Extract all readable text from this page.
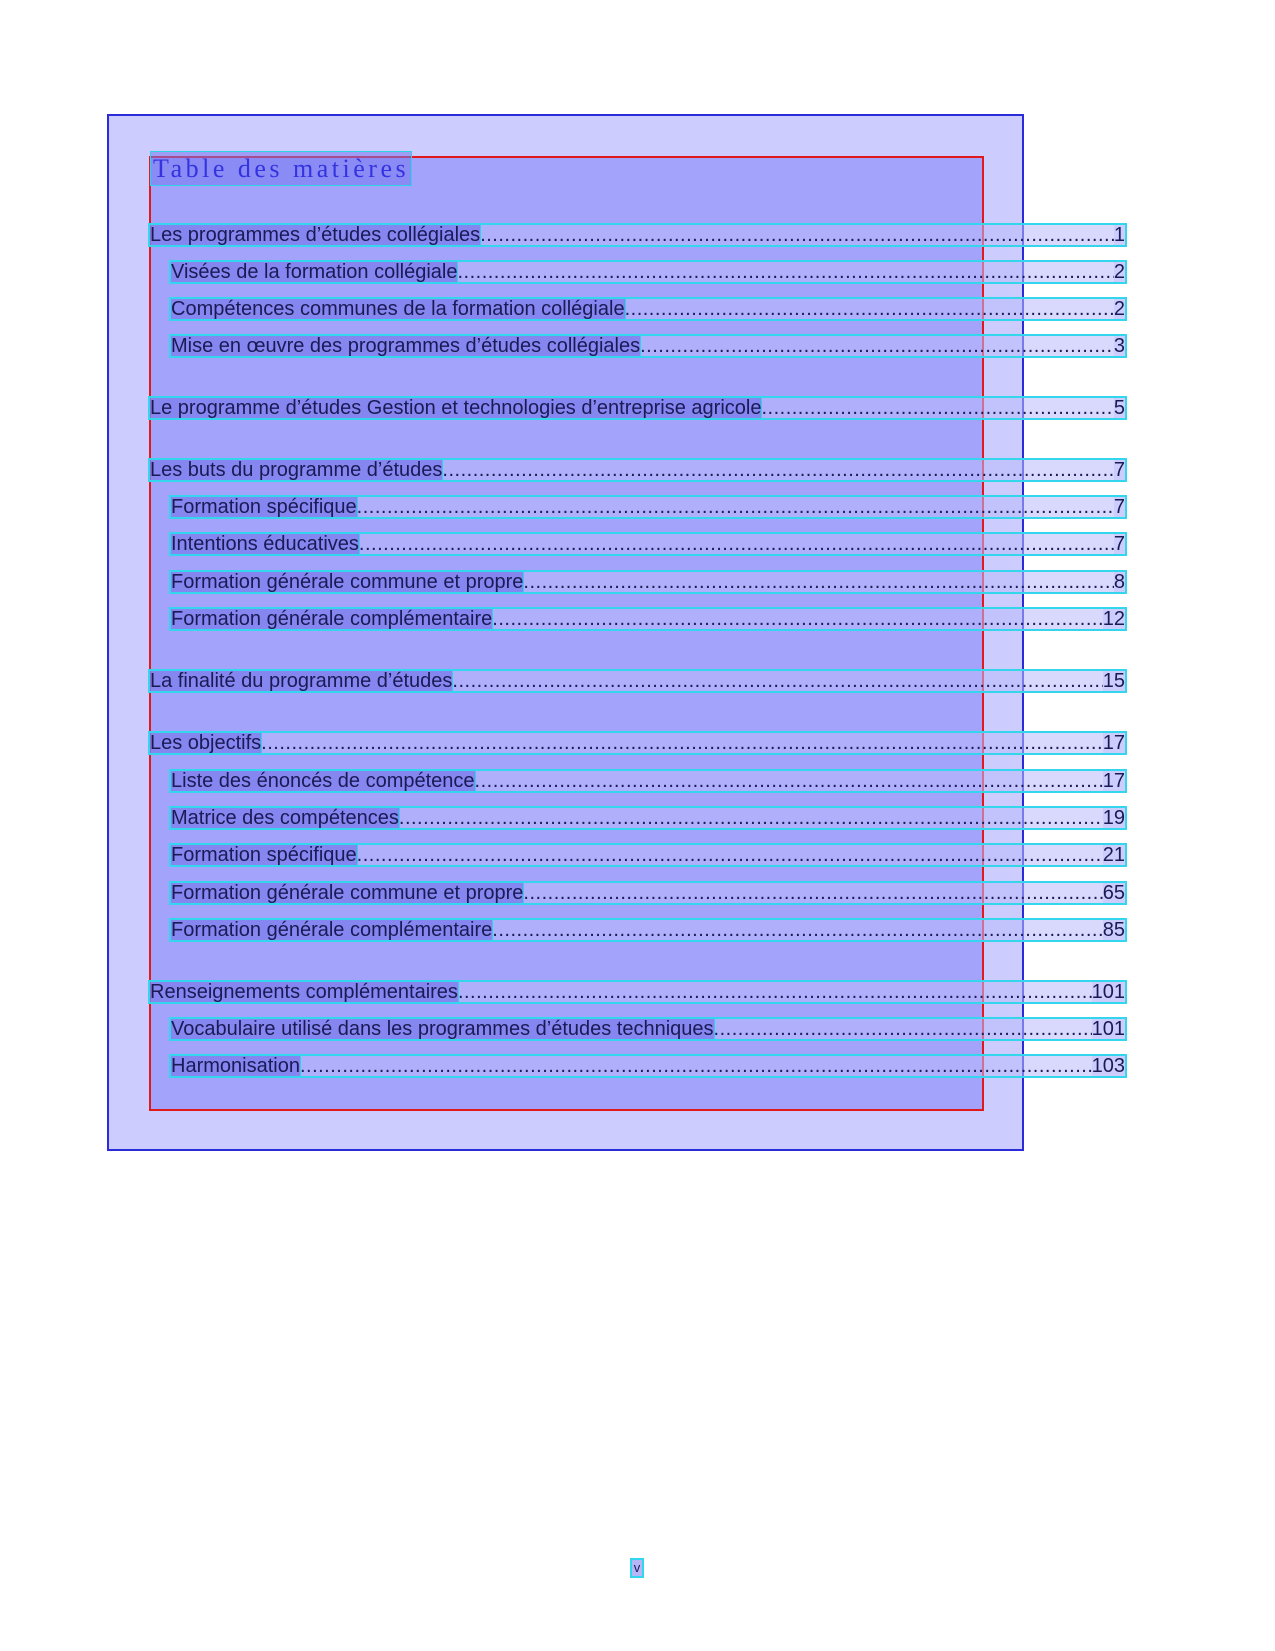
Table des matières
Les programmes d’études collégiales .....	1
Visées de la formation collégiale .....	2
Compétences communes de la formation collégiale .....	2
Mise en œuvre des programmes d’études collégiales .....	3
Le programme d’études Gestion et technologies d’entreprise agricole .....	5
Les buts du programme d’études .....	7
Formation spécifique .....	7
Intentions éducatives .....	7
Formation générale commune et propre .....	8
Formation générale complémentaire .....	12
La finalité du programme d’études .....	15
Les objectifs .....	17
Liste des énoncés de compétence .....	17
Matrice des compétences .....	19
Formation spécifique .....	21
Formation générale commune et propre .....	65
Formation générale complémentaire .....	85
Renseignements complémentaires .....	101
Vocabulaire utilisé dans les programmes d’études techniques .....	101
Harmonisation .....	103
v
